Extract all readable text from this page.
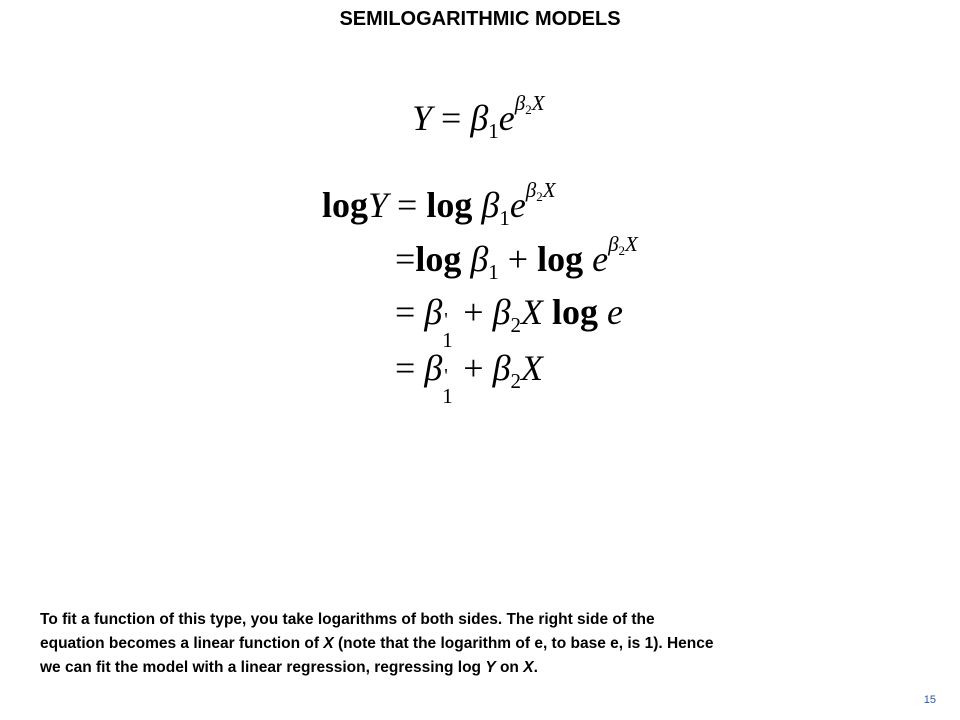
SEMILOGARITHMIC MODELS
$Y = \beta_1e^{\beta 2X}$
$\log Y = \log \beta_1e^{\beta 2X}$
=log $\beta_1 + \log e^{\beta 2X}$
= β '
1
+ $\beta_2X$ log e
= β '
1
+ $\beta_2X$

To fit a function of this type, you take logarithms of both sides. The right side of the

equation becomes a linear function of X (note that the logarithm of e, to base e, is 1). Hence

we can fit the model with a linear regression, regressing log Y on X.

15
